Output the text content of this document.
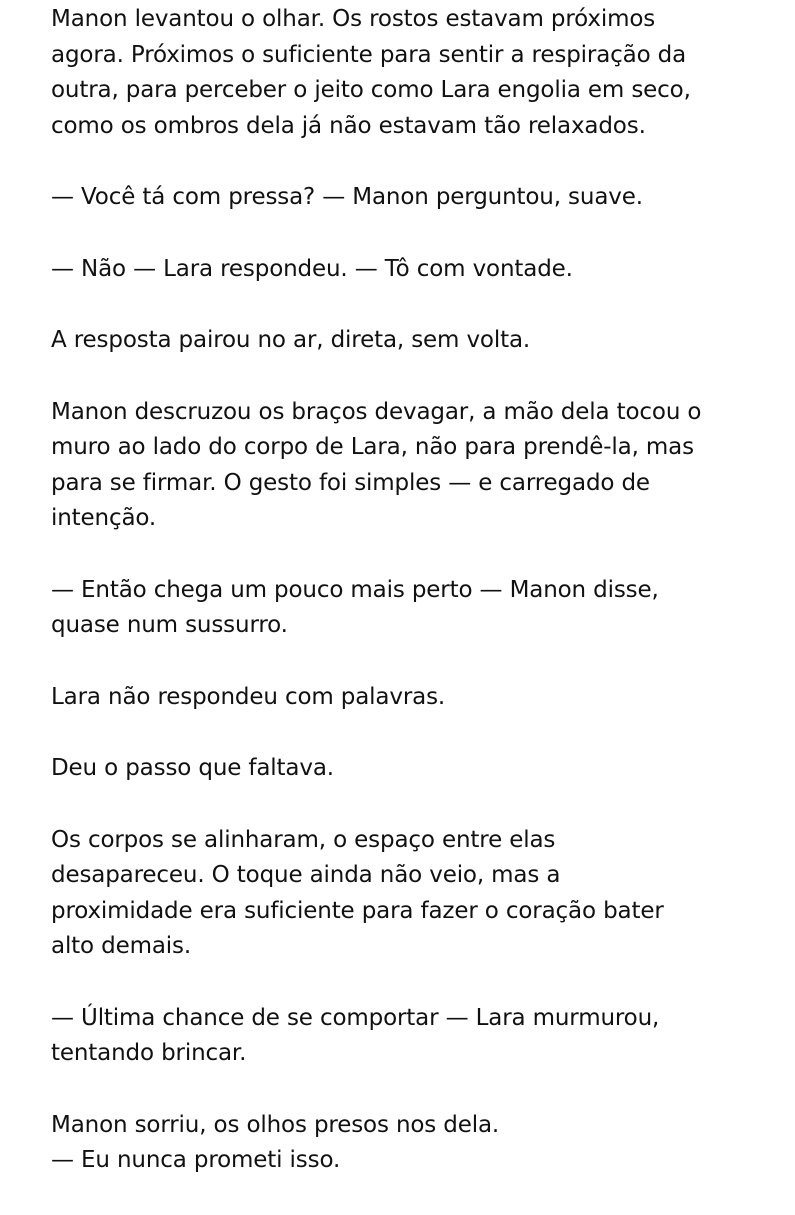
Manon levantou o olhar. Os rostos estavam próximos
agora. Próximos o suficiente para sentir a respiração da
outra, para perceber o jeito como Lara engolia em seco,
como os ombros dela já não estavam tão relaxados.

— Você tá com pressa? — Manon perguntou, suave.

— Não — Lara respondeu. — Tô com vontade.

A resposta pairou no ar, direta, sem volta.

Manon descruzou os braços devagar, a mão dela tocou o
muro ao lado do corpo de Lara, não para prendê-la, mas
para se firmar. O gesto foi simples — e carregado de
intenção.

— Então chega um pouco mais perto — Manon disse,
quase num sussurro.

Lara não respondeu com palavras.

Deu o passo que faltava.

Os corpos se alinharam, o espaço entre elas
desapareceu. O toque ainda não veio, mas a
proximidade era suficiente para fazer o coração bater
alto demais.

— Última chance de se comportar — Lara murmurou,
tentando brincar.

Manon sorriu, os olhos presos nos dela.
— Eu nunca prometi isso.
